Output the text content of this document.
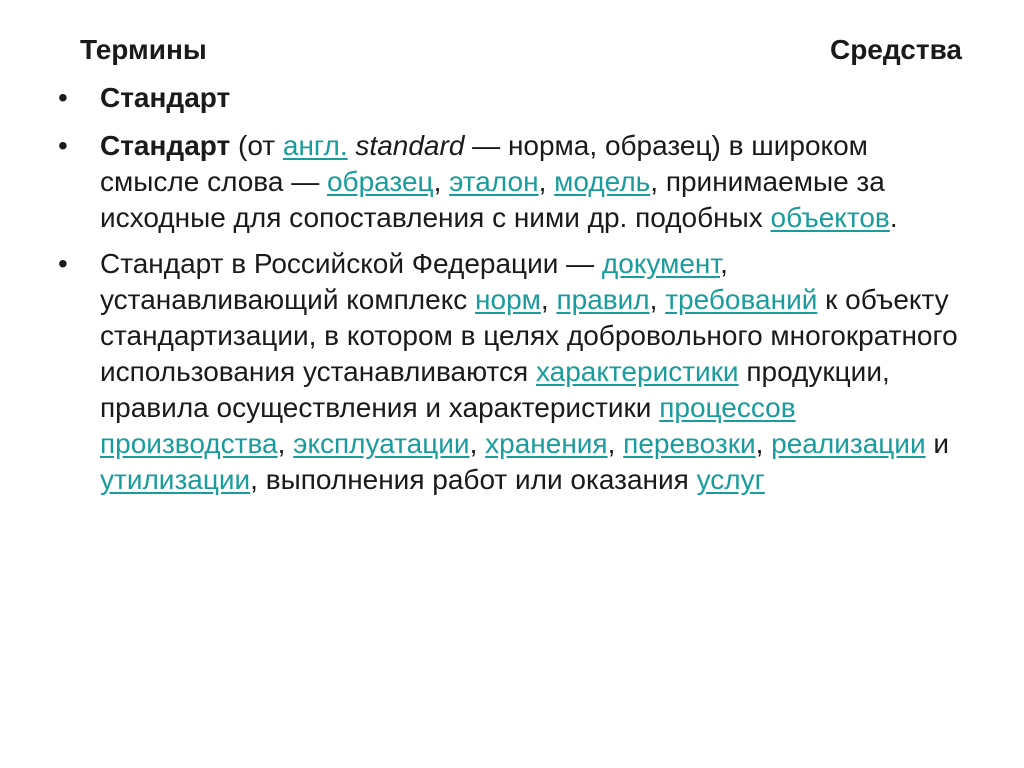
Термины	Средства
• Стандарт
• Стандарт (от англ. standard — норма, образец) в широком смысле слова — образец, эталон, модель, принимаемые за исходные для сопоставления с ними др. подобных объектов.
• Стандарт в Российской Федерации — документ, устанавливающий комплекс норм, правил, требований к объекту стандартизации, в котором в целях добровольного многократного использования устанавливаются характеристики продукции, правила осуществления и характеристики процессов производства, эксплуатации, хранения, перевозки, реализации и утилизации, выполнения работ или оказания услуг
